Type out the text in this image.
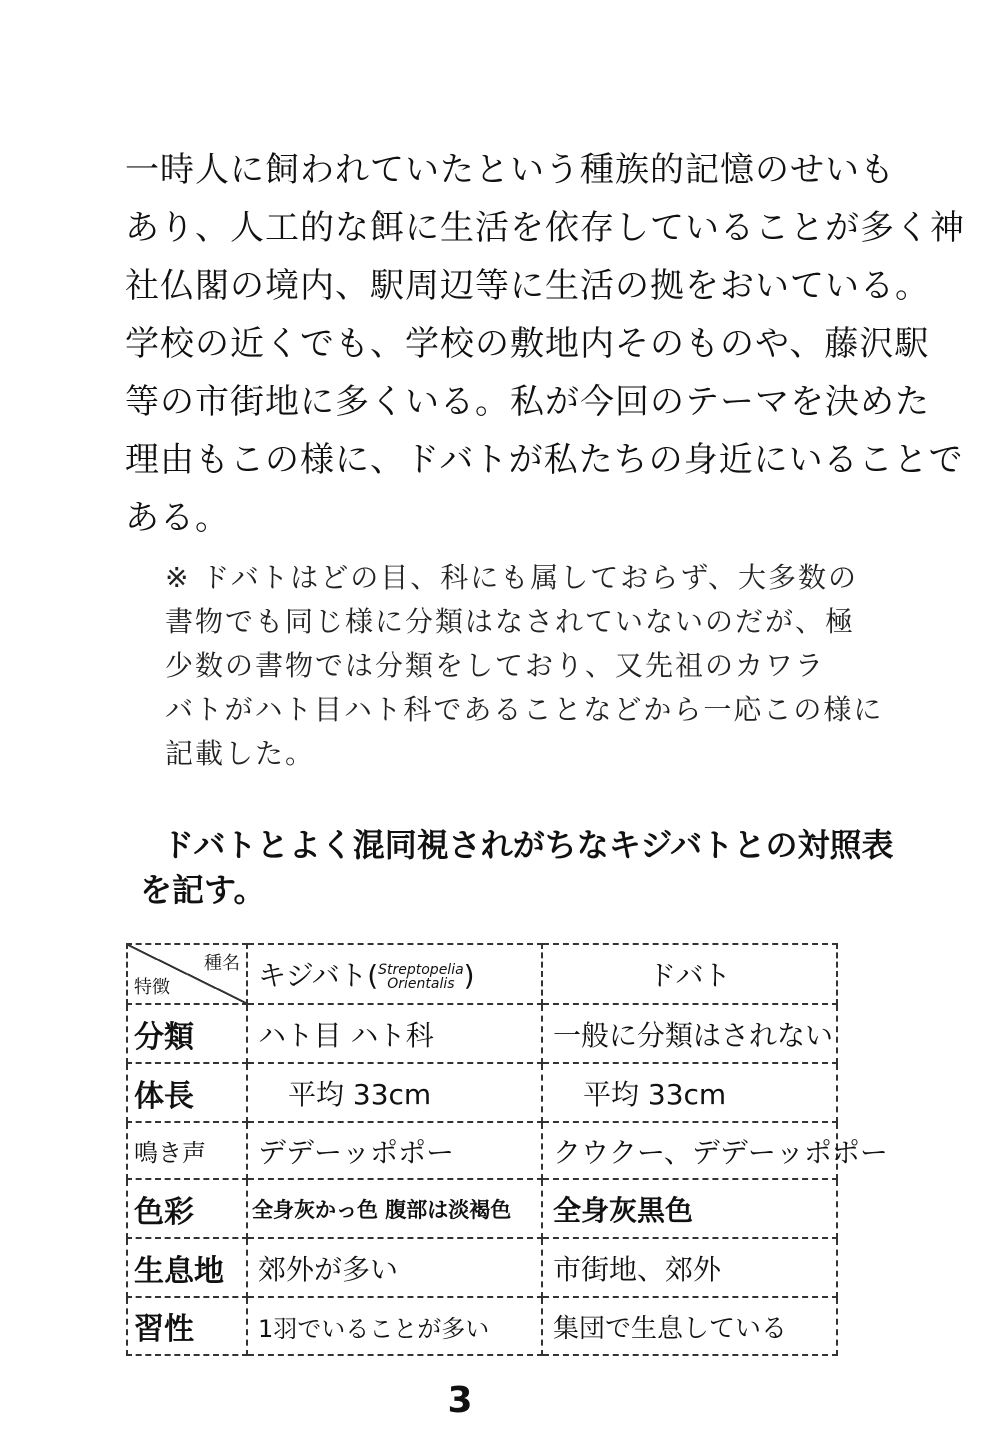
一時人に飼われていたという種族的記憶のせいも
あり、人工的な餌に生活を依存していることが多く神
社仏閣の境内、駅周辺等に生活の拠をおいている。
学校の近くでも、学校の敷地内そのものや、藤沢駅
等の市街地に多くいる。私が今回のテーマを決めた
理由もこの様に、ドバトが私たちの身近にいることで
ある。
※ ドバトはどの目、科にも属しておらず、大多数の
書物でも同じ様に分類はなされていないのだが、極
少数の書物では分類をしており、又先祖のカワラ
バトがハト目ハト科であることなどから一応この様に
記載した。
ドバトとよく混同視されがちなキジバトとの対照表
を記す。
種名
特徴	キジバト(Streptopelia
Orientalis )	ドバト
分類	ハト目 ハト科	一般に分類はされない
体長	平均 33cm	平均 33cm
鳴き声	デデーッポポー	クウクー、デデーッポポー
色彩	全身灰かっ色 腹部は淡褐色	全身灰黒色
生息地	郊外が多い	市街地、郊外
習性	1羽でいることが多い	集団で生息している
3
